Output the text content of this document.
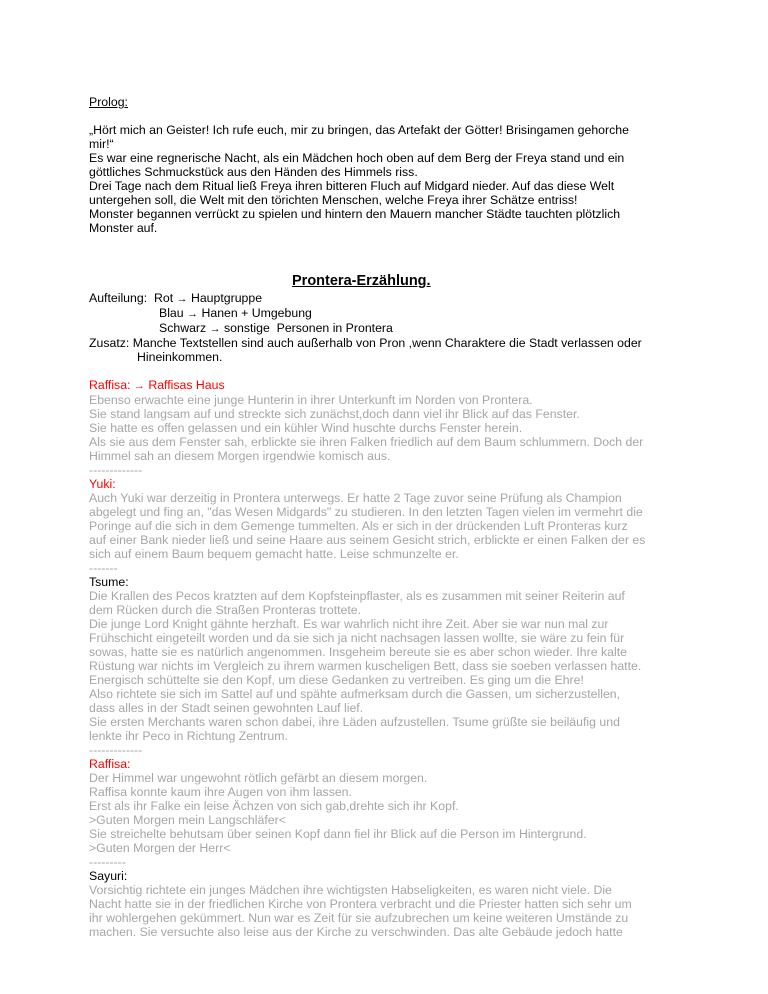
Prolog:
„Hört mich an Geister! Ich rufe euch, mir zu bringen, das Artefakt der Götter! Brisingamen gehorche
mir!“
Es war eine regnerische Nacht, als ein Mädchen hoch oben auf dem Berg der Freya stand und ein
göttliches Schmuckstück aus den Händen des Himmels riss.
Drei Tage nach dem Ritual ließ Freya ihren bitteren Fluch auf Midgard nieder. Auf das diese Welt
untergehen soll, die Welt mit den törichten Menschen, welche Freya ihrer Schätze entriss!
Monster begannen verrückt zu spielen und hintern den Mauern mancher Städte tauchten plötzlich
Monster auf.
Prontera-Erzählung.
Aufteilung: Rot → Hauptgruppe
Blau → Hanen + Umgebung
Schwarz → sonstige  Personen in Prontera
Zusatz: Manche Textstellen sind auch außerhalb von Pron ,wenn Charaktere die Stadt verlassen oder
Hineinkommen.
Raffisa: → Raffisas Haus
Ebenso erwachte eine junge Hunterin in ihrer Unterkunft im Norden von Prontera.
Sie stand langsam auf und streckte sich zunächst,doch dann viel ihr Blick auf das Fenster.
Sie hatte es offen gelassen und ein kühler Wind huschte durchs Fenster herein.
Als sie aus dem Fenster sah, erblickte sie ihren Falken friedlich auf dem Baum schlummern. Doch der
Himmel sah an diesem Morgen irgendwie komisch aus.
-------------
Yuki:
Auch Yuki war derzeitig in Prontera unterwegs. Er hatte 2 Tage zuvor seine Prüfung als Champion
abgelegt und fing an, "das Wesen Midgards" zu studieren. In den letzten Tagen vielen im vermehrt die
Poringe auf die sich in dem Gemenge tummelten. Als er sich in der drückenden Luft Pronteras kurz
auf einer Bank nieder ließ und seine Haare aus seinem Gesicht strich, erblickte er einen Falken der es
sich auf einem Baum bequem gemacht hatte. Leise schmunzelte er.
-------
Tsume:
Die Krallen des Pecos kratzten auf dem Kopfsteinpflaster, als es zusammen mit seiner Reiterin auf
dem Rücken durch die Straßen Pronteras trottete.
Die junge Lord Knight gähnte herzhaft. Es war wahrlich nicht ihre Zeit. Aber sie war nun mal zur
Frühschicht eingeteilt worden und da sie sich ja nicht nachsagen lassen wollte, sie wäre zu fein für
sowas, hatte sie es natürlich angenommen. Insgeheim bereute sie es aber schon wieder. Ihre kalte
Rüstung war nichts im Vergleich zu ihrem warmen kuscheligen Bett, dass sie soeben verlassen hatte.
Energisch schüttelte sie den Kopf, um diese Gedanken zu vertreiben. Es ging um die Ehre!
Also richtete sie sich im Sattel auf und spähte aufmerksam durch die Gassen, um sicherzustellen,
dass alles in der Stadt seinen gewohnten Lauf lief.
Sie ersten Merchants waren schon dabei, ihre Läden aufzustellen. Tsume grüßte sie beiläufig und
lenkte ihr Peco in Richtung Zentrum.
-------------
Raffisa:
Der Himmel war ungewohnt rötlich gefärbt an diesem morgen.
Raffisa konnte kaum ihre Augen von ihm lassen.
Erst als ihr Falke ein leise Ächzen von sich gab,drehte sich ihr Kopf.
>Guten Morgen mein Langschläfer<
Sie streichelte behutsam über seinen Kopf dann fiel ihr Blick auf die Person im Hintergrund.
>Guten Morgen der Herr<
---------
Sayuri:
Vorsichtig richtete ein junges Mädchen ihre wichtigsten Habseligkeiten, es waren nicht viele. Die
Nacht hatte sie in der friedlichen Kirche von Prontera verbracht und die Priester hatten sich sehr um
ihr wohlergehen gekümmert. Nun war es Zeit für sie aufzubrechen um keine weiteren Umstände zu
machen. Sie versuchte also leise aus der Kirche zu verschwinden. Das alte Gebäude jedoch hatte
